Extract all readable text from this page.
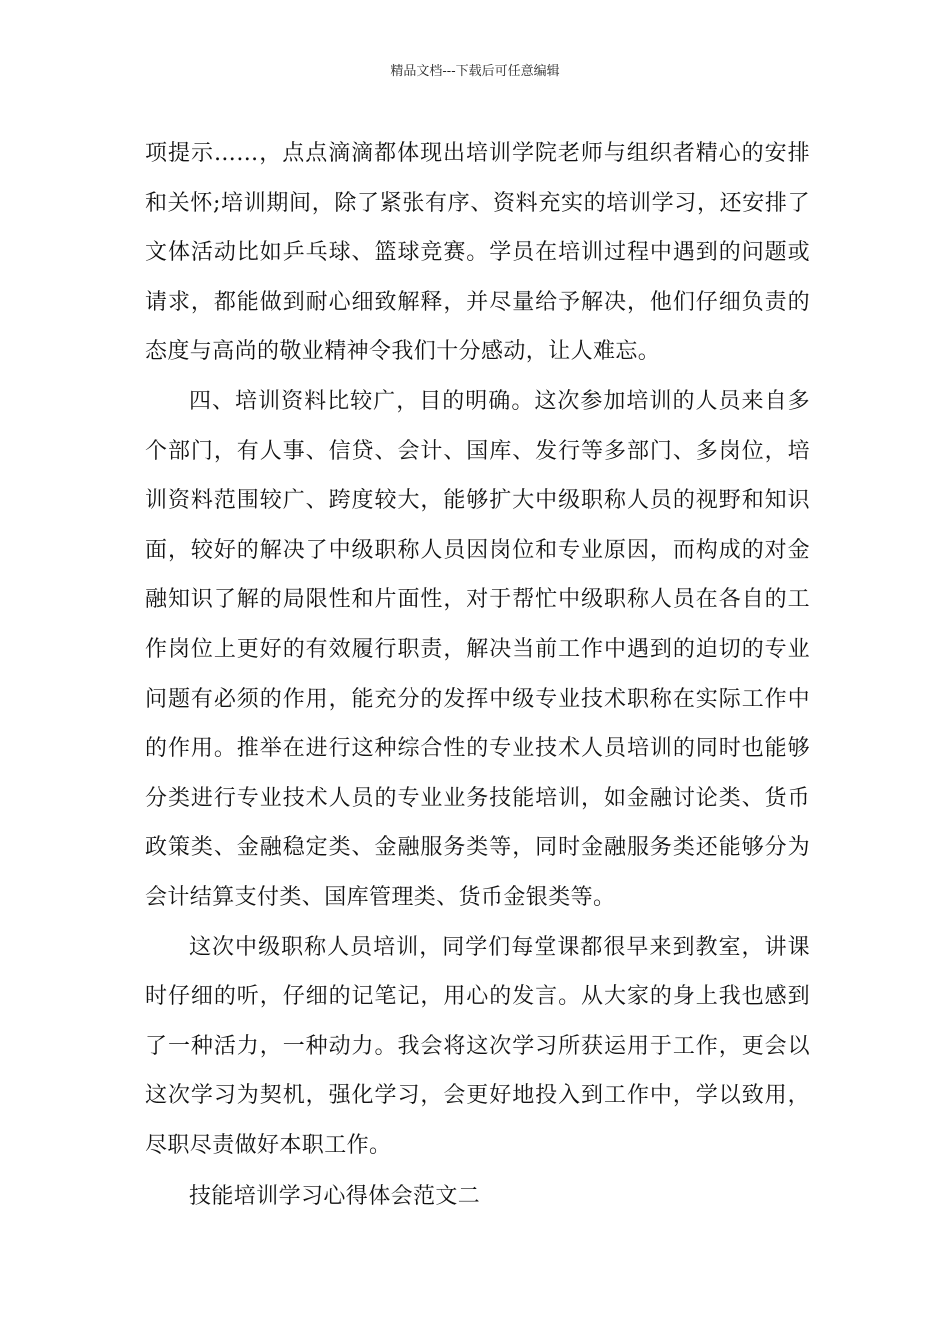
精品文档---下载后可任意编辑

项提示……，点点滴滴都体现出培训学院老师与组织者精心的安排和关怀;培训期间，除了紧张有序、资料充实的培训学习，还安排了文体活动比如乒乓球、篮球竞赛。学员在培训过程中遇到的问题或请求，都能做到耐心细致解释，并尽量给予解决，他们仔细负责的态度与高尚的敬业精神令我们十分感动，让人难忘。

四、培训资料比较广，目的明确。这次参加培训的人员来自多个部门，有人事、信贷、会计、国库、发行等多部门、多岗位，培训资料范围较广、跨度较大，能够扩大中级职称人员的视野和知识面，较好的解决了中级职称人员因岗位和专业原因，而构成的对金融知识了解的局限性和片面性，对于帮忙中级职称人员在各自的工作岗位上更好的有效履行职责，解决当前工作中遇到的迫切的专业问题有必须的作用，能充分的发挥中级专业技术职称在实际工作中的作用。推举在进行这种综合性的专业技术人员培训的同时也能够分类进行专业技术人员的专业业务技能培训，如金融讨论类、货币政策类、金融稳定类、金融服务类等，同时金融服务类还能够分为会计结算支付类、国库管理类、货币金银类等。

这次中级职称人员培训，同学们每堂课都很早来到教室，讲课时仔细的听，仔细的记笔记，用心的发言。从大家的身上我也感到了一种活力，一种动力。我会将这次学习所获运用于工作，更会以这次学习为契机，强化学习，会更好地投入到工作中，学以致用，尽职尽责做好本职工作。

技能培训学习心得体会范文二
